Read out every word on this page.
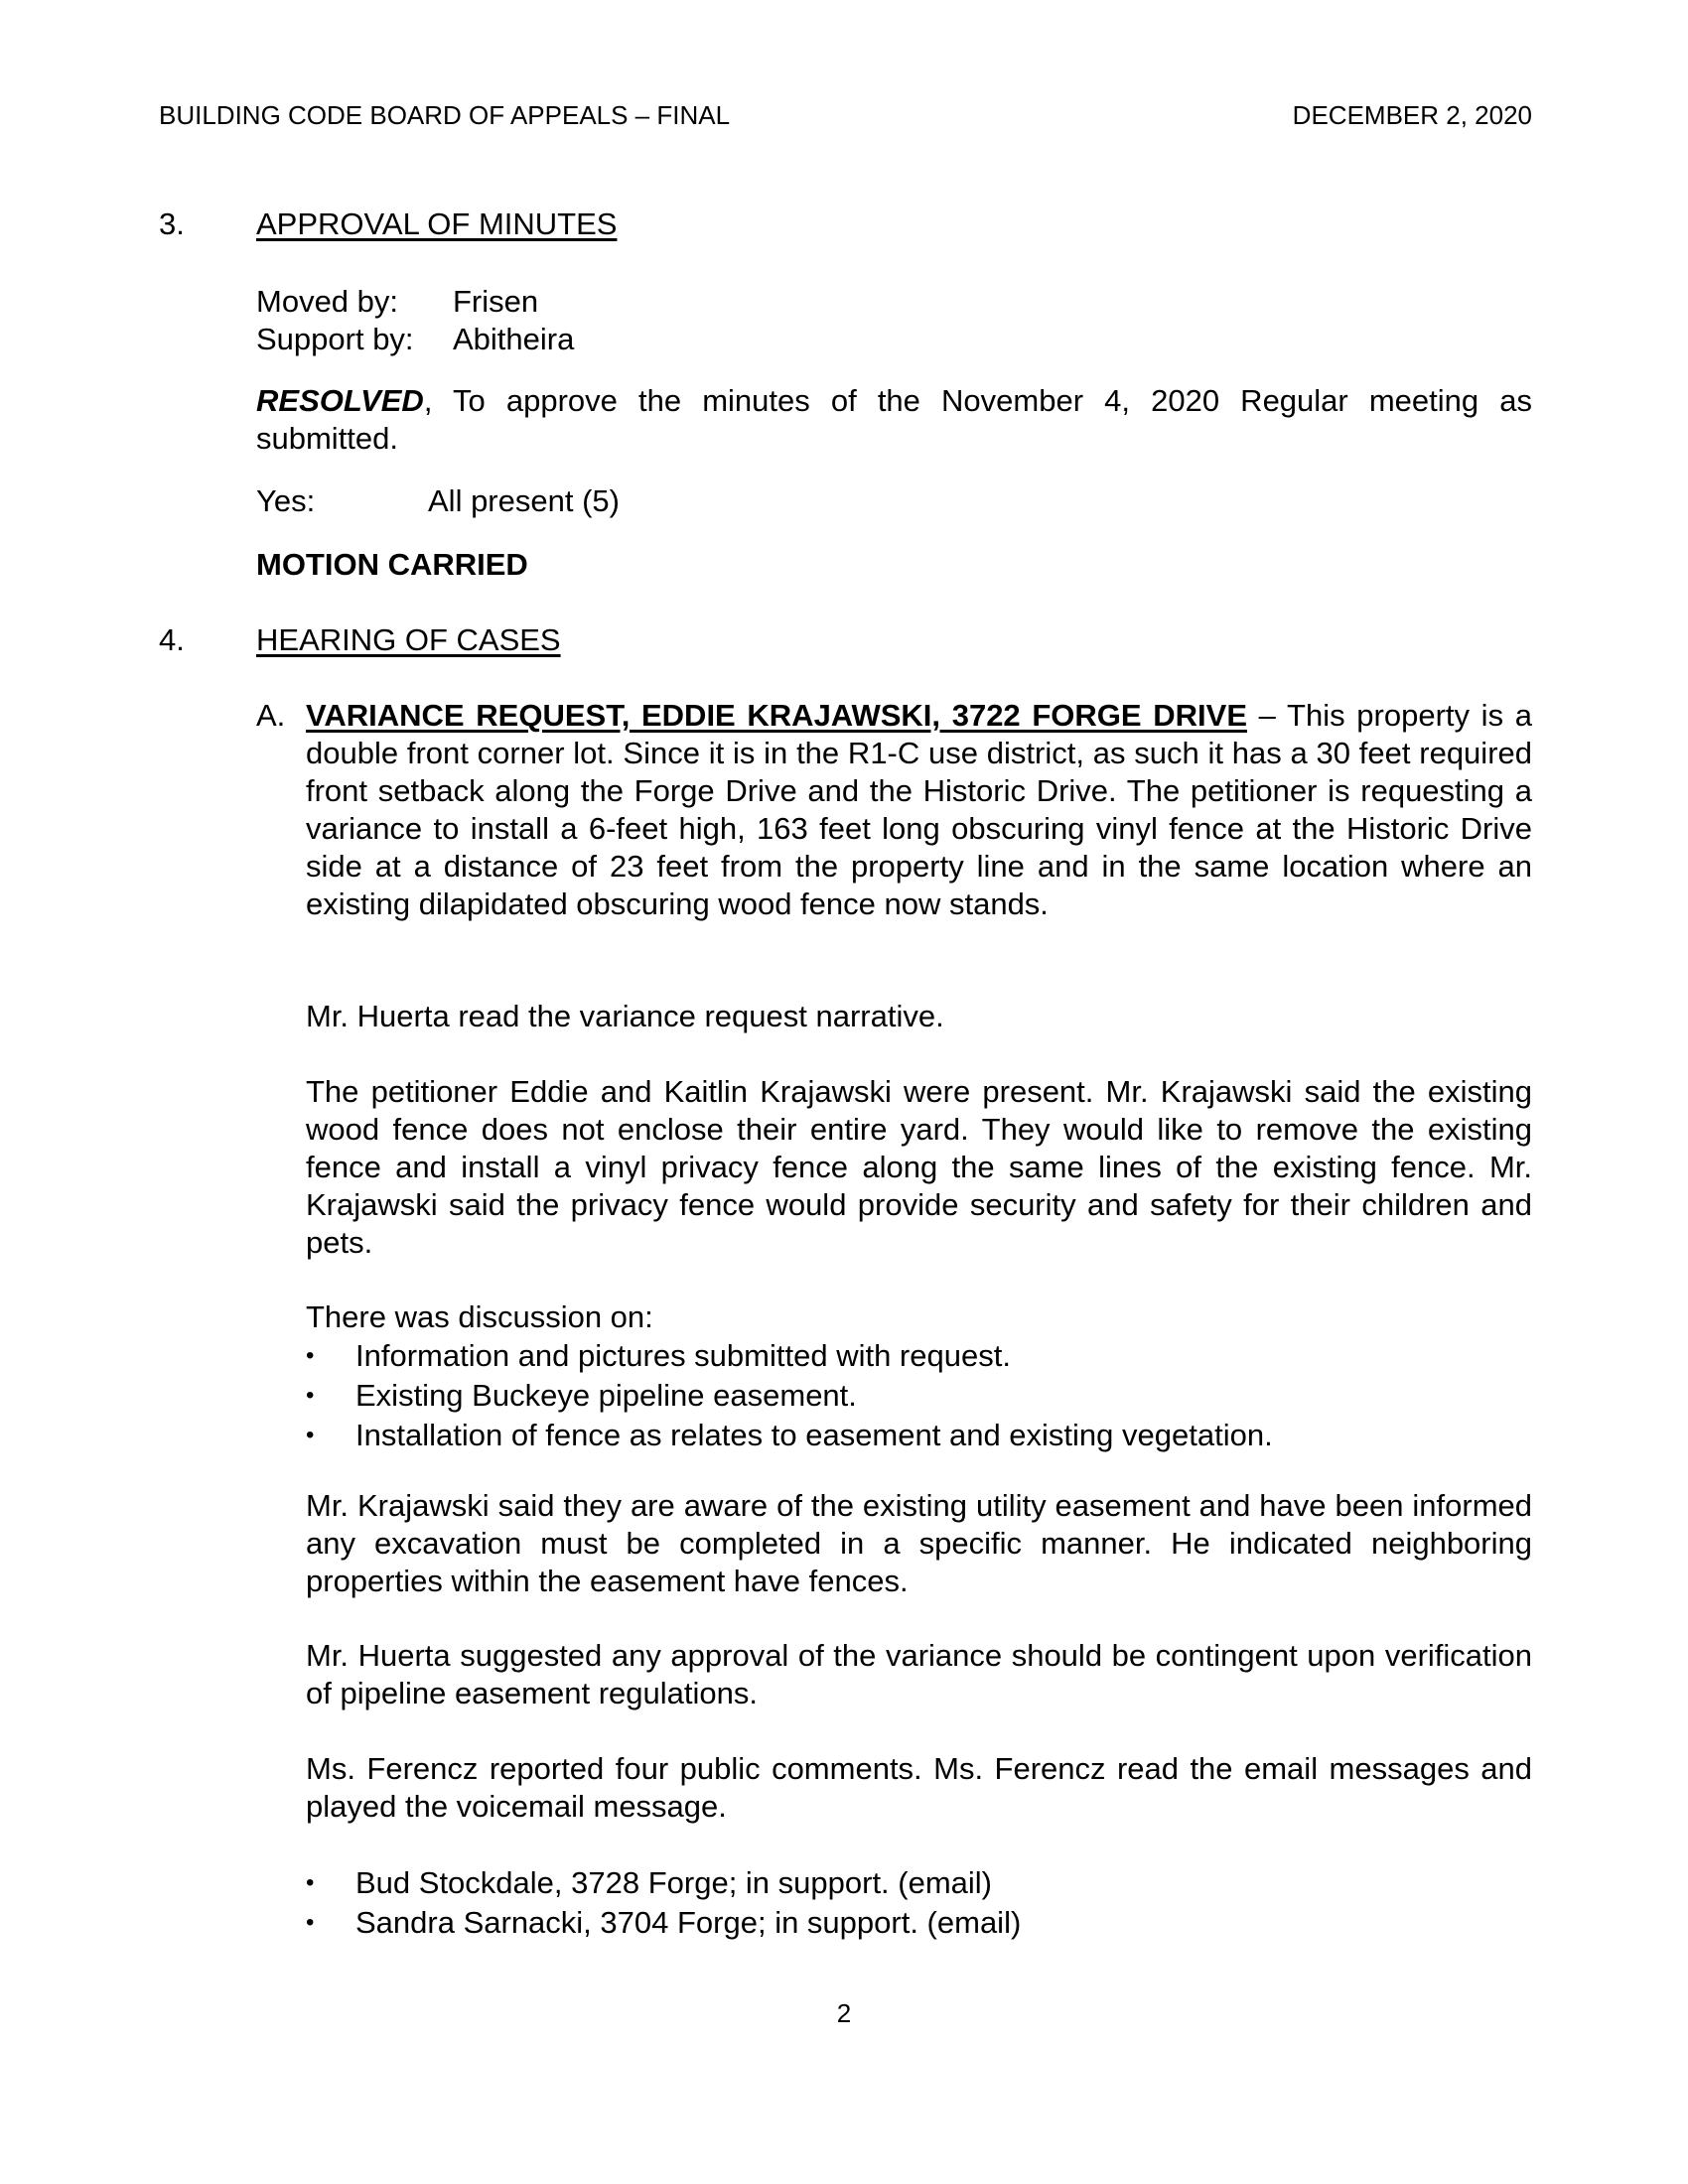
BUILDING CODE BOARD OF APPEALS – FINAL	DECEMBER 2, 2020
3. APPROVAL OF MINUTES
Moved by:	Frisen
Support by:	Abitheira
RESOLVED, To approve the minutes of the November 4, 2020 Regular meeting as submitted.
Yes:	All present (5)
MOTION CARRIED
4. HEARING OF CASES
A. VARIANCE REQUEST, EDDIE KRAJAWSKI, 3722 FORGE DRIVE – This property is a double front corner lot. Since it is in the R1-C use district, as such it has a 30 feet required front setback along the Forge Drive and the Historic Drive. The petitioner is requesting a variance to install a 6-feet high, 163 feet long obscuring vinyl fence at the Historic Drive side at a distance of 23 feet from the property line and in the same location where an existing dilapidated obscuring wood fence now stands.

Mr. Huerta read the variance request narrative.
The petitioner Eddie and Kaitlin Krajawski were present. Mr. Krajawski said the existing wood fence does not enclose their entire yard. They would like to remove the existing fence and install a vinyl privacy fence along the same lines of the existing fence. Mr. Krajawski said the privacy fence would provide security and safety for their children and pets.
There was discussion on:
•	Information and pictures submitted with request.
•	Existing Buckeye pipeline easement.
•	Installation of fence as relates to easement and existing vegetation.
Mr. Krajawski said they are aware of the existing utility easement and have been informed any excavation must be completed in a specific manner. He indicated neighboring properties within the easement have fences.
Mr. Huerta suggested any approval of the variance should be contingent upon verification of pipeline easement regulations.
Ms. Ferencz reported four public comments. Ms. Ferencz read the email messages and played the voicemail message.
•	Bud Stockdale, 3728 Forge; in support. (email)
•	Sandra Sarnacki, 3704 Forge; in support. (email)
2
